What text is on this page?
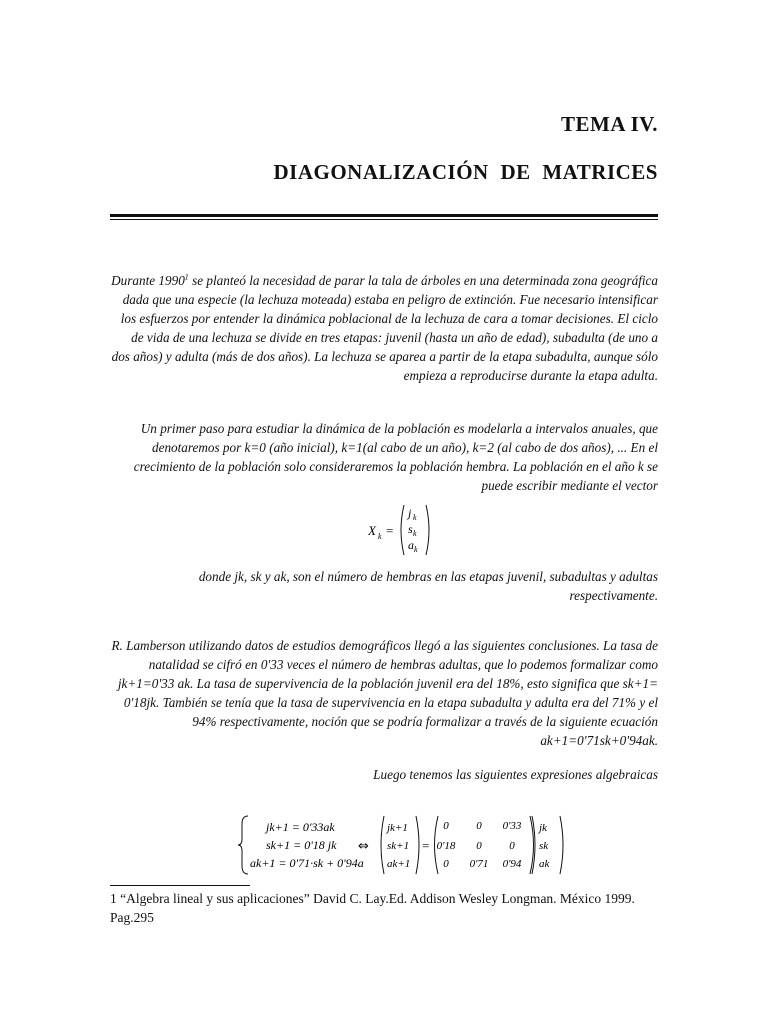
TEMA IV.
DIAGONALIZACIÓN DE MATRICES

Durante 1990$^1$ se planteó la necesidad de parar la tala de árboles en una determinada zona geográfica dada que una especie (la lechuza moteada) estaba en peligro de extinción. Fue necesario intensificar los esfuerzos por entender la dinámica poblacional de la lechuza de cara a tomar decisiones. El ciclo de vida de una lechuza se divide en tres etapas: juvenil (hasta un año de edad), subadulta (de uno a dos años) y adulta (más de dos años). La lechuza se aparea a partir de la etapa subadulta, aunque sólo empieza a reproducirse durante la etapa adulta.

Un primer paso para estudiar la dinámica de la población es modelarla a intervalos anuales, que denotaremos por k=0 (año inicial), k=1(al cabo de un año), k=2 (al cabo de dos años), ... En el crecimiento de la población solo consideraremos la población hembra. La población en el año k se puede escribir mediante el vector

X k =
j k
s k
a k

donde jk, sk y ak, son el número de hembras en las etapas juvenil, subadultas y adultas respectivamente.

R. Lamberson utilizando datos de estudios demográficos llegó a las siguientes conclusiones. La tasa de natalidad se cifró en 0'33 veces el número de hembras adultas, que lo podemos formalizar como jk+1=0'33 ak. La tasa de supervivencia de la población juvenil era del 18%, esto significa que sk+1= 0'18jk. También se tenía que la tasa de supervivencia en la etapa subadulta y adulta era del 71% y el 94% respectivamente, noción que se podría formalizar a través de la siguiente ecuación ak+1=0'71sk+0'94ak.

Luego tenemos las siguientes expresiones algebraicas

jk+1 = 0'33ak
sk+1 = 0'18 jk
ak+1 = 0'71·sk + 0'94a
⇔
jk+1
sk+1
ak+1
=
0	0 0'33
0'18 0	0
0 0'71 0'94
jk
sk
ak
1 “Algebra lineal y sus aplicaciones” David C. Lay.Ed. Addison Wesley Longman. México 1999. Pag.295
